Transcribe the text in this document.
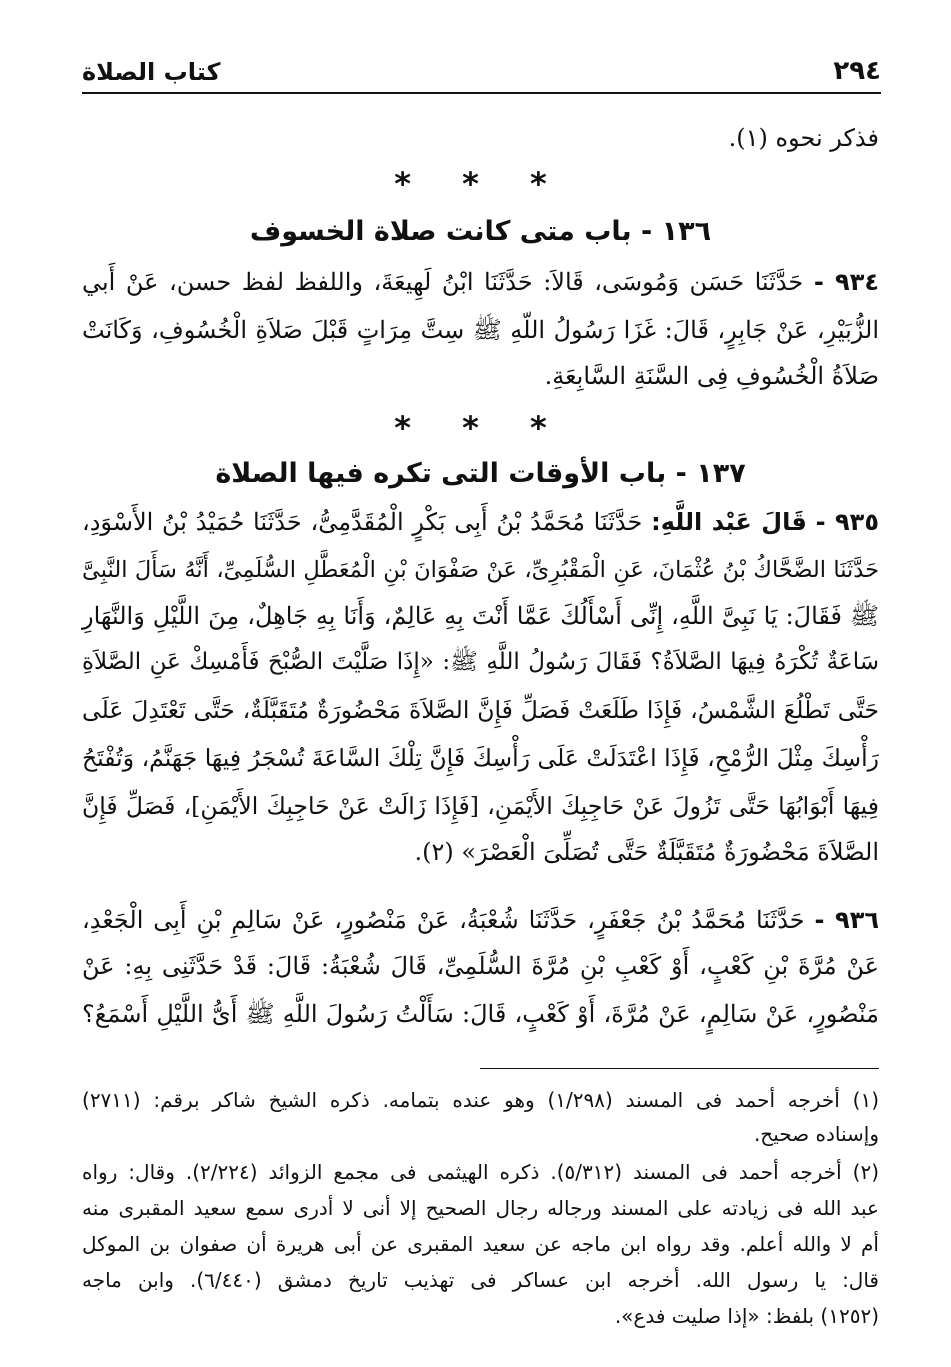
٢٩٤
كتاب الصلاة
فذكر نحوه (١).
* * *
١٣٦ - باب متى كانت صلاة الخسوف
٩٣٤ - حَدَّثَنَا حَسَن وَمُوسَى، قَالاَ: حَدَّثَنَا ابْنُ لَهِيعَةَ، واللفظ لفظ حسن، عَنْ أَبي
الزُّبَيْرِ، عَنْ جَابِرٍ، قَالَ: غَزَا رَسُولُ اللّهِ ﷺ سِتَّ مِرَاتٍ قَبْلَ صَلاَةِ الْخُسُوفِ، وَكَانَتْ
صَلاَةُ الْخُسُوفِ فِى السَّنَةِ السَّابِعَةِ.
* * *
١٣٧ - باب الأوقات التى تكره فيها الصلاة
٩٣٥ - قَالَ عَبْد اللَّهِ: حَدَّثَنَا مُحَمَّدُ بْنُ أَبِى بَكْرٍ الْمُقَدَّمِىُّ، حَدَّثَنَا حُمَيْدُ بْنُ الأَسْوَدِ،
حَدَّثَنَا الضَّحَّاكُ بْنُ عُثْمَانَ، عَنِ الْمَقْبُرِىِّ، عَنْ صَفْوَانَ بْنِ الْمُعَطَّلِ السُّلَمِىِّ، أَنَّهُ سَأَلَ النَّبِىَّ
ﷺ فَقَالَ: يَا نَبِىَّ اللَّهِ، إِنِّى أَسْأَلُكَ عَمَّا أَنْتَ بِهِ عَالِمٌ، وَأَنَا بِهِ جَاهِلٌ، مِنَ اللَّيْلِ وَالنَّهَارِ
سَاعَةٌ تُكْرَهُ فِيهَا الصَّلاَةُ؟ فَقَالَ رَسُولُ اللَّهِ ﷺ: «إِذَا صَلَّيْتَ الصُّبْحَ فَأَمْسِكْ عَنِ الصَّلاَةِ
حَتَّى تَطْلُعَ الشَّمْسُ، فَإِذَا طَلَعَتْ فَصَلِّ فَإِنَّ الصَّلاَةَ مَحْضُورَةٌ مُتَقَبَّلَةٌ، حَتَّى تَعْتَدِلَ عَلَى
رَأْسِكَ مِثْلَ الرُّمْحِ، فَإِذَا اعْتَدَلَتْ عَلَى رَأْسِكَ فَإِنَّ تِلْكَ السَّاعَةَ تُسْجَرُ فِيهَا جَهَنَّمُ، وَتُفْتَحُ
فِيهَا أَبْوَابُهَا حَتَّى تَزُولَ عَنْ حَاجِبِكَ الأَيْمَنِ، [فَإِذَا زَالَتْ عَنْ حَاجِبِكَ الأَيْمَنِ]، فَصَلِّ فَإِنَّ
الصَّلاَةَ مَحْضُورَةٌ مُتَقَبَّلَةٌ حَتَّى تُصَلِّىَ الْعَصْرَ» (٢).
٩٣٦ - حَدَّثَنَا مُحَمَّدُ بْنُ جَعْفَرٍ، حَدَّثَنَا شُعْبَةُ، عَنْ مَنْصُورٍ، عَنْ سَالِمِ بْنِ أَبِى الْجَعْدِ،
عَنْ مُرَّةَ بْنِ كَعْبٍ، أَوْ كَعْبِ بْنِ مُرَّةَ السُّلَمِىِّ، قَالَ شُعْبَةُ: قَالَ: قَدْ حَدَّثَنِى بِهِ: عَنْ
مَنْصُورٍ، عَنْ سَالِمٍ، عَنْ مُرَّةَ، أَوْ كَعْبٍ، قَالَ: سَأَلْتُ رَسُولَ اللَّهِ ﷺ أَىُّ اللَّيْلِ أَسْمَعُ؟
(١) أخرجه أحمد فى المسند (١/٢٩٨) وهو عنده بتمامه. ذكره الشيخ شاكر برقم: (٢٧١١)
وإسناده صحيح.
(٢) أخرجه أحمد فى المسند (٥/٣١٢). ذكره الهيثمى فى مجمع الزوائد (٢/٢٢٤). وقال: رواه
عبد الله فى زيادته على المسند ورجاله رجال الصحيح إلا أنى لا أدرى سمع سعيد المقبرى منه
أم لا والله أعلم. وقد رواه ابن ماجه عن سعيد المقبرى عن أبى هريرة أن صفوان بن الموكل
قال: يا رسول الله. أخرجه ابن عساكر فى تهذيب تاريخ دمشق (٦/٤٤٠). وابن ماجه
(١٢٥٢) بلفظ: «إذا صليت فدع».
